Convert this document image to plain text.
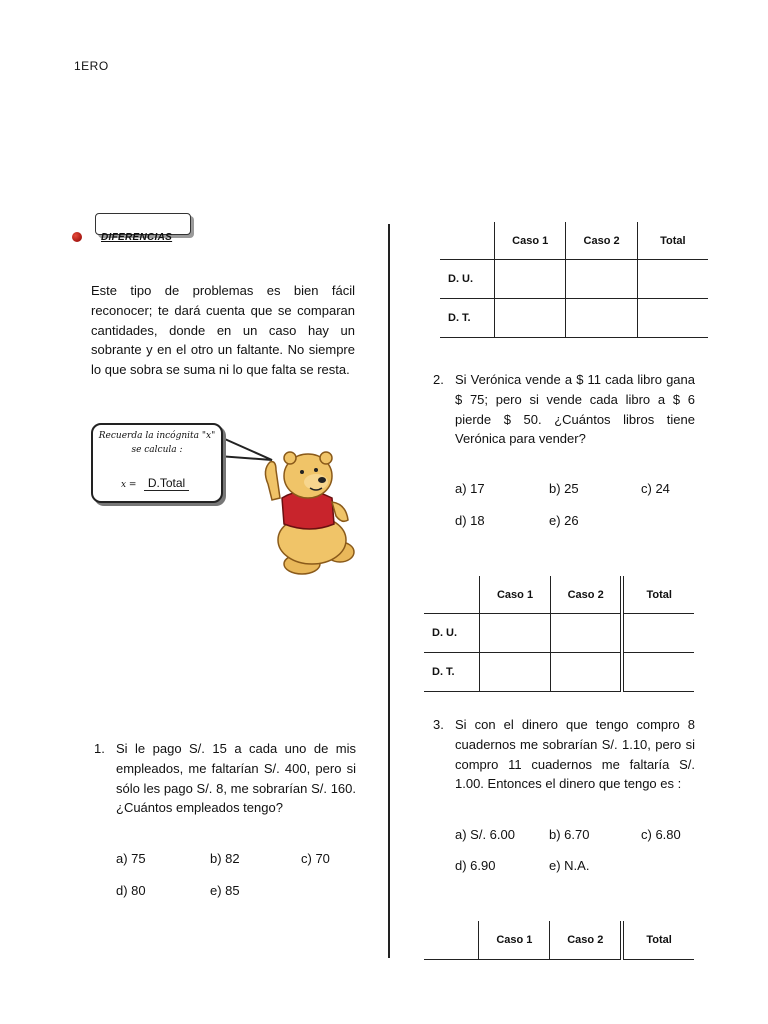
1ERO
DIFERENCIAS
Este tipo de problemas es bien fácil reconocer; te dará cuenta que se comparan cantidades, donde en un caso hay un sobrante y en el otro un faltante. No siempre lo que sobra se suma ni lo que falta se resta.
Recuerda la incógnita "x"
se calcula :
x = D.Total
	Caso 1	Caso 2	Total
D. U.			
D. T.			
2. Si Verónica vende a $ 11 cada libro gana $ 75; pero si vende cada libro a $ 6 pierde $ 50. ¿Cuántos libros tiene Verónica para vender?
a) 17	b) 25	c) 24
d) 18	e) 26
	Caso 1	Caso 2	Total
D. U.			
D. T.			
3. Si con el dinero que tengo compro 8 cuadernos me sobrarían S/. 1.10, pero si compro 11 cuadernos me faltaría S/. 1.00. Entonces el dinero que tengo es :
a) S/. 6.00	b) 6.70	c) 6.80
d) 6.90	e) N.A.
	Caso 1	Caso 2	Total
1. Si le pago S/. 15 a cada uno de mis empleados, me faltarían S/. 400, pero si sólo les pago S/. 8, me sobrarían S/. 160. ¿Cuántos empleados tengo?
a) 75	b) 82	c) 70
d) 80	e) 85
